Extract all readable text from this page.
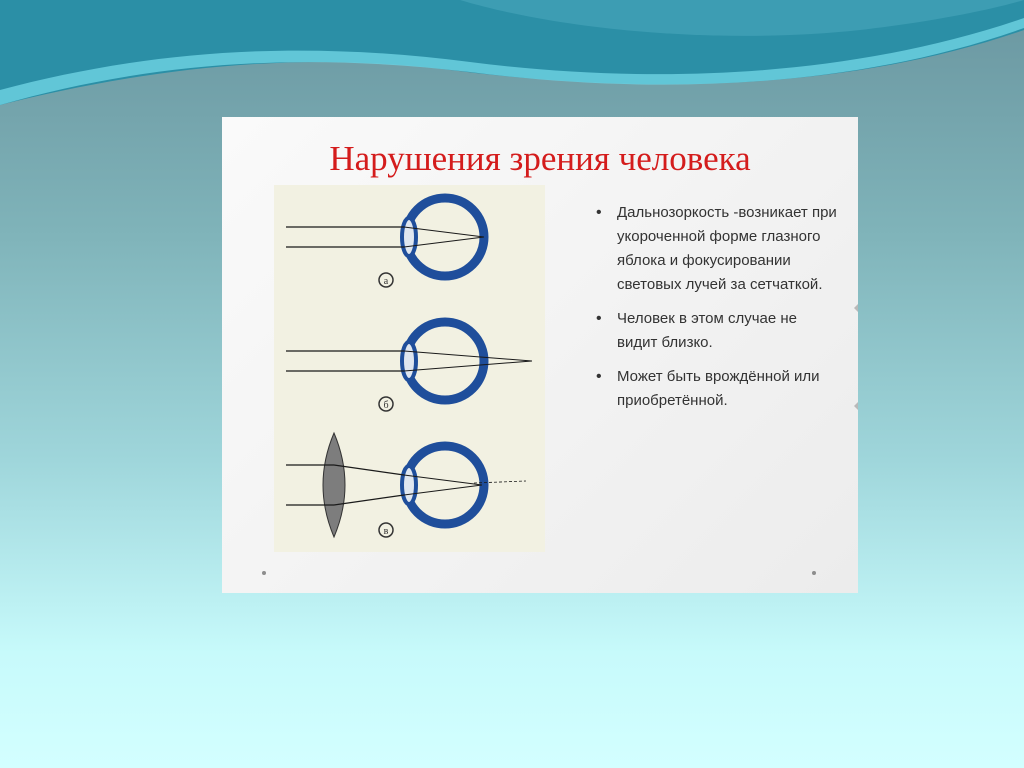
Нарушения зрения человека
а
б
в
• Дальнозоркость -возникает при укороченной форме глазного яблока и фокусировании световых лучей за сетчаткой.
• Человек в этом случае не видит близко.
• Может быть врождённой или приобретённой.
